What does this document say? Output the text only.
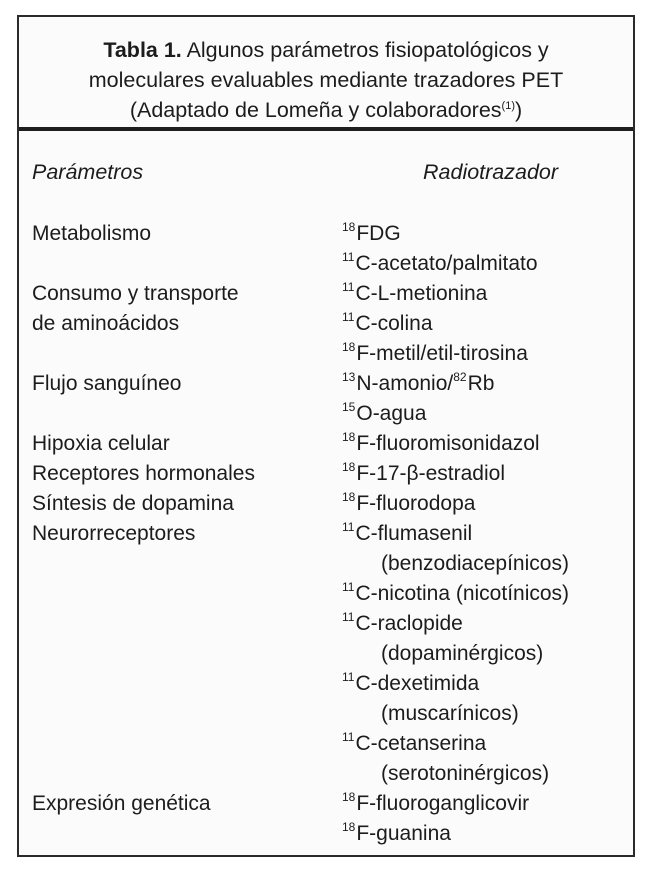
Tabla 1. Algunos parámetros fisiopatológicos y
moleculares evaluables mediante trazadores PET
(Adaptado de Lomeña y colaboradores$^{(1)}$)
Parámetros	Radiotrazador
Metabolismo	$^{18}$FDG
$^{11}$C-acetato/palmitato
Consumo y transporte	$^{11}$C-L-metionina
de aminoácidos	$^{11}$C-colina
$^{18}$F-metil/etil-tirosina
Flujo sanguíneo	$^{13}$N-amonio/$^{82}$Rb
$^{15}$O-agua
Hipoxia celular	$^{18}$F-fluoromisonidazol
Receptores hormonales	$^{18}$F-17-β-estradiol
Síntesis de dopamina	$^{18}$F-fluorodopa
Neurorreceptores	$^{11}$C-flumasenil
(benzodiacepínicos)
$^{11}$C-nicotina (nicotínicos)
$^{11}$C-raclopide
(dopaminérgicos)
$^{11}$C-dexetimida
(muscarínicos)
$^{11}$C-cetanserina
(serotoninérgicos)
Expresión genética	$^{18}$F-fluoroganglicovir
$^{18}$F-guanina
